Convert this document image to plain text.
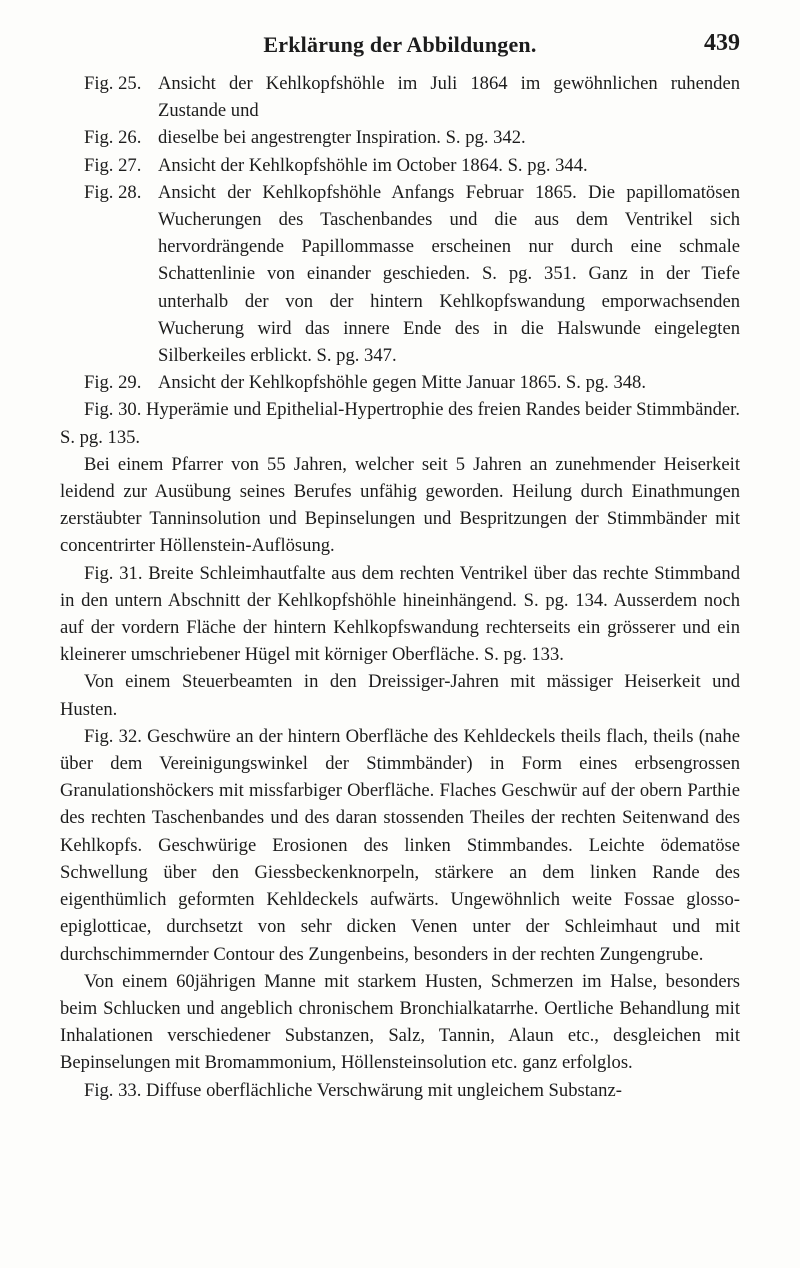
Erklärung der Abbildungen.	439
Fig. 25. Ansicht der Kehlkopfshöhle im Juli 1864 im gewöhnlichen ruhenden Zustande und
Fig. 26. dieselbe bei angestrengter Inspiration. S. pg. 342.
Fig. 27. Ansicht der Kehlkopfshöhle im October 1864. S. pg. 344.
Fig. 28. Ansicht der Kehlkopfshöhle Anfangs Februar 1865. Die papillomatösen Wucherungen des Taschenbandes und die aus dem Ventrikel sich hervordrängende Papillommasse erscheinen nur durch eine schmale Schattenlinie von einander geschieden. S. pg. 351. Ganz in der Tiefe unterhalb der von der hintern Kehlkopfswandung emporwachsenden Wucherung wird das innere Ende des in die Halswunde eingelegten Silberkeiles erblickt. S. pg. 347.
Fig. 29. Ansicht der Kehlkopfshöhle gegen Mitte Januar 1865. S. pg. 348.

Fig. 30. Hyperämie und Epithelial-Hypertrophie des freien Randes beider Stimmbänder. S. pg. 135.

Bei einem Pfarrer von 55 Jahren, welcher seit 5 Jahren an zunehmender Heiserkeit leidend zur Ausübung seines Berufes unfähig geworden. Heilung durch Einathmungen zerstäubter Tanninsolution und Bepinselungen und Bespritzungen der Stimmbänder mit concentrirter Höllenstein-Auflösung.

Fig. 31. Breite Schleimhautfalte aus dem rechten Ventrikel über das rechte Stimmband in den untern Abschnitt der Kehlkopfshöhle hineinhängend. S. pg. 134. Ausserdem noch auf der vordern Fläche der hintern Kehlkopfswandung rechterseits ein grösserer und ein kleinerer umschriebener Hügel mit körniger Oberfläche. S. pg. 133.

Von einem Steuerbeamten in den Dreissiger-Jahren mit mässiger Heiserkeit und Husten.

Fig. 32. Geschwüre an der hintern Oberfläche des Kehldeckels theils flach, theils (nahe über dem Vereinigungswinkel der Stimmbänder) in Form eines erbsengrossen Granulationshöckers mit missfarbiger Oberfläche. Flaches Geschwür auf der obern Parthie des rechten Taschenbandes und des daran stossenden Theiles der rechten Seitenwand des Kehlkopfs. Geschwürige Erosionen des linken Stimmbandes. Leichte ödematöse Schwellung über den Giessbeckenknorpeln, stärkere an dem linken Rande des eigenthümlich geformten Kehldeckels aufwärts. Ungewöhnlich weite Fossae glosso-epiglotticae, durchsetzt von sehr dicken Venen unter der Schleimhaut und mit durchschimmernder Contour des Zungenbeins, besonders in der rechten Zungengrube.

Von einem 60jährigen Manne mit starkem Husten, Schmerzen im Halse, besonders beim Schlucken und angeblich chronischem Bronchialkatarrhe. Oertliche Behandlung mit Inhalationen verschiedener Substanzen, Salz, Tannin, Alaun etc., desgleichen mit Bepinselungen mit Bromammonium, Höllensteinsolution etc. ganz erfolglos.

Fig. 33. Diffuse oberflächliche Verschwärung mit ungleichem Substanz-
